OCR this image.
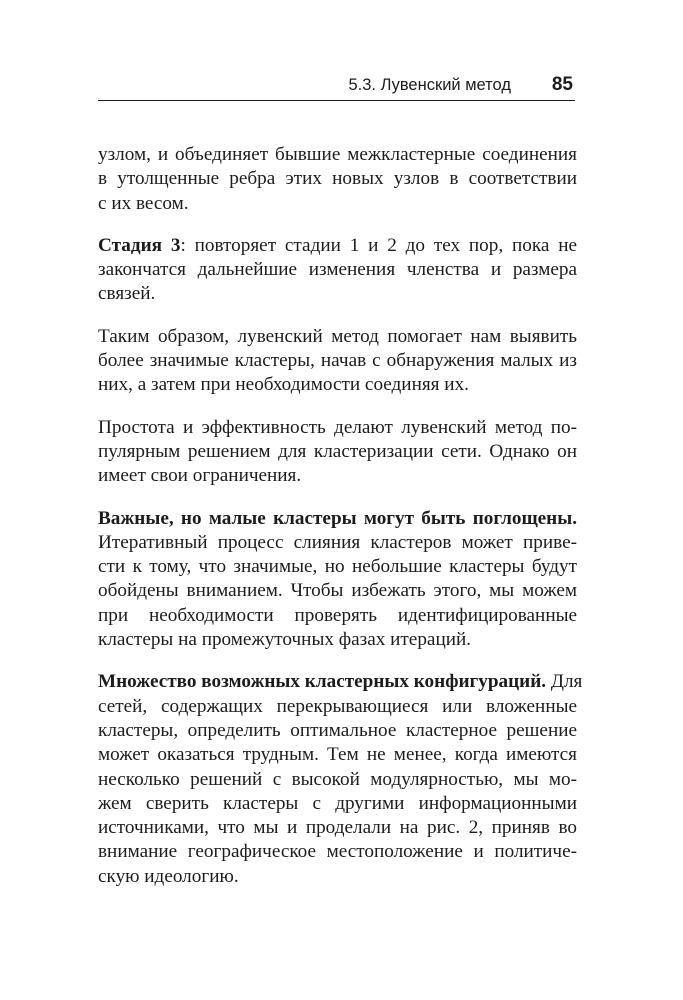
5.3. Лувенский метод 85

узлом, и объединяет бывшие межкластерные соединения
в утолщенные ребра этих новых узлов в соответствии
с их весом.

Стадия 3: повторяет стадии 1 и 2 до тех пор, пока не
закончатся дальнейшие изменения членства и размера
связей.

Таким образом, лувенский метод помогает нам выявить
более значимые кластеры, начав с обнаружения малых из
них, а затем при необходимости соединяя их.

Простота и эффективность делают лувенский метод по-
пулярным решением для кластеризации сети. Однако он
имеет свои ограничения.

Важные, но малые кластеры могут быть поглощены.
Итеративный процесс слияния кластеров может приве-
сти к тому, что значимые, но небольшие кластеры будут
обойдены вниманием. Чтобы избежать этого, мы можем
при необходимости проверять идентифицированные
кластеры на промежуточных фазах итераций.

Множество возможных кластерных конфигураций. Для
сетей, содержащих перекрывающиеся или вложенные
кластеры, определить оптимальное кластерное решение
может оказаться трудным. Тем не менее, когда имеются
несколько решений с высокой модулярностью, мы мо-
жем сверить кластеры с другими информационными
источниками, что мы и проделали на рис. 2, приняв во
внимание географическое местоположение и политиче-
скую идеологию.
